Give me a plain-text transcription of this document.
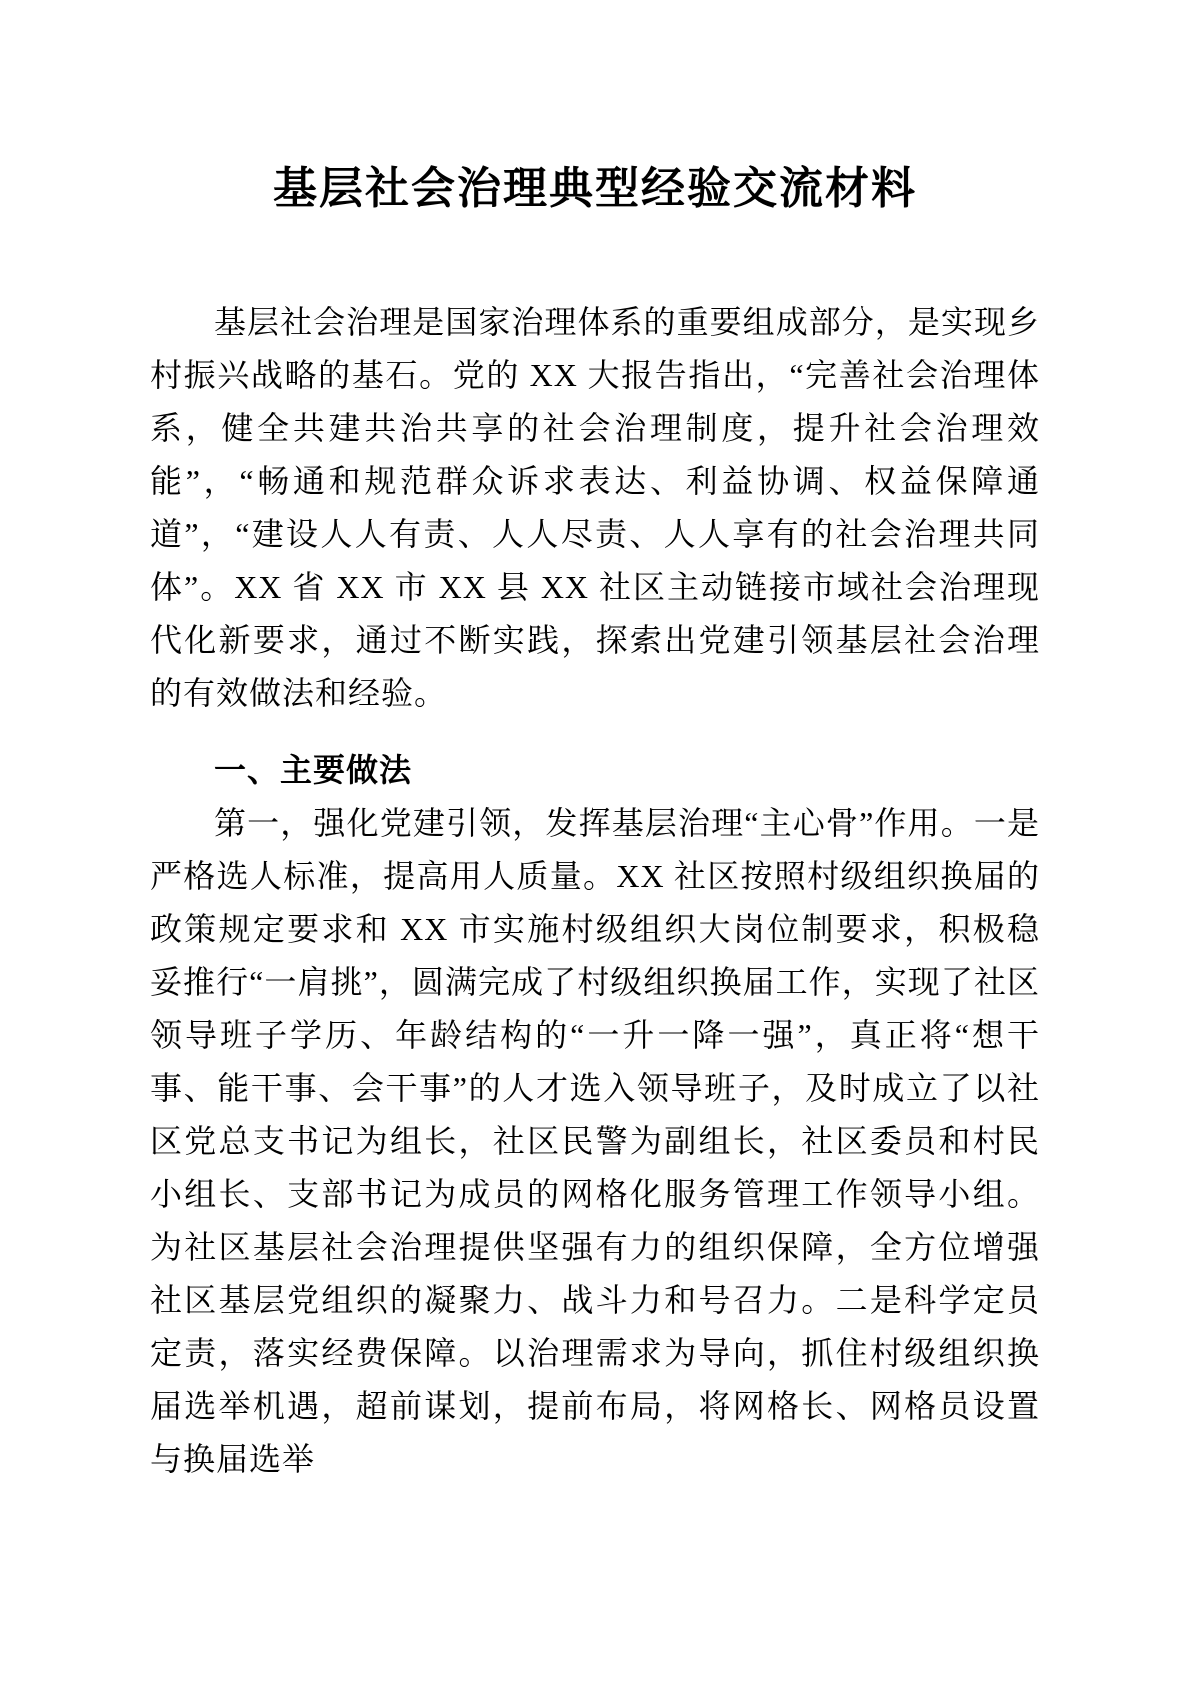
基层社会治理典型经验交流材料

基层社会治理是国家治理体系的重要组成部分，是实现乡村振兴战略的基石。党的 XX 大报告指出，“完善社会治理体系，健全共建共治共享的社会治理制度，提升社会治理效能”，“畅通和规范群众诉求表达、利益协调、权益保障通道”，“建设人人有责、人人尽责、人人享有的社会治理共同体”。XX 省 XX 市 XX 县 XX 社区主动链接市域社会治理现代化新要求，通过不断实践，探索出党建引领基层社会治理的有效做法和经验。

一、主要做法

第一，强化党建引领，发挥基层治理“主心骨”作用。一是严格选人标准，提高用人质量。XX 社区按照村级组织换届的政策规定要求和 XX 市实施村级组织大岗位制要求，积极稳妥推行“一肩挑”，圆满完成了村级组织换届工作，实现了社区领导班子学历、年龄结构的“一升一降一强”，真正将“想干事、能干事、会干事”的人才选入领导班子，及时成立了以社区党总支书记为组长，社区民警为副组长，社区委员和村民小组长、支部书记为成员的网格化服务管理工作领导小组。为社区基层社会治理提供坚强有力的组织保障，全方位增强社区基层党组织的凝聚力、战斗力和号召力。二是科学定员定责，落实经费保障。以治理需求为导向，抓住村级组织换届选举机遇，超前谋划，提前布局，将网格长、网格员设置与换届选举
